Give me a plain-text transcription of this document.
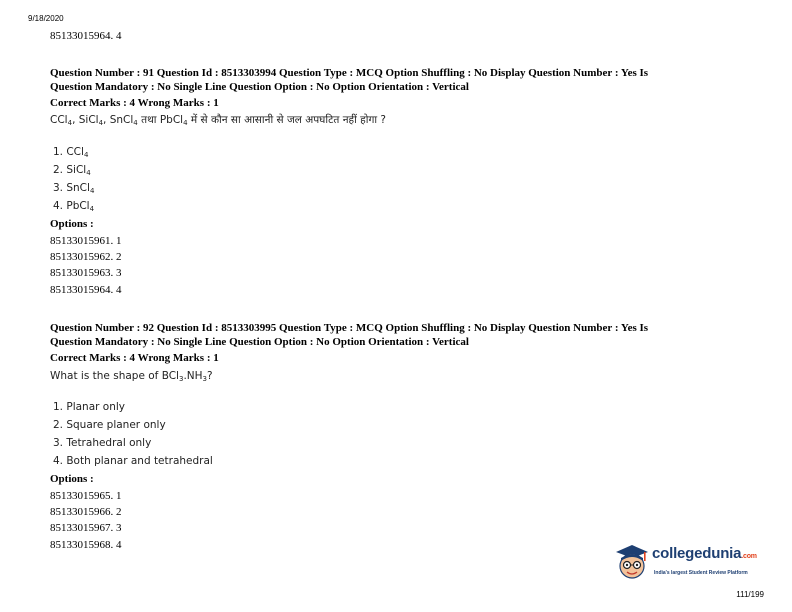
9/18/2020
85133015964. 4
Question Number : 91 Question Id : 8513303994 Question Type : MCQ Option Shuffling : No Display Question Number : Yes Is
Question Mandatory : No Single Line Question Option : No Option Orientation : Vertical
Correct Marks : 4 Wrong Marks : 1
CCl$_4$, SiCl$_4$, SnCl$_4$ तथा PbCl$_4$ में से कौन सा आसानी से जल अपघटित नहीं होगा ?
1. CCl$_4$
2. SiCl$_4$
3. SnCl$_4$
4. PbCl$_4$
Options :
85133015961. 1
85133015962. 2
85133015963. 3
85133015964. 4
Question Number : 92 Question Id : 8513303995 Question Type : MCQ Option Shuffling : No Display Question Number : Yes Is
Question Mandatory : No Single Line Question Option : No Option Orientation : Vertical
Correct Marks : 4 Wrong Marks : 1
What is the shape of $BCl_3.NH_3$?
1. Planar only
2. Square planer only
3. Tetrahedral only
4. Both planar and tetrahedral
Options :
85133015965. 1
85133015966. 2
85133015967. 3
85133015968. 4	collegedunia.com
India's largest Student Review Platform
111/199
